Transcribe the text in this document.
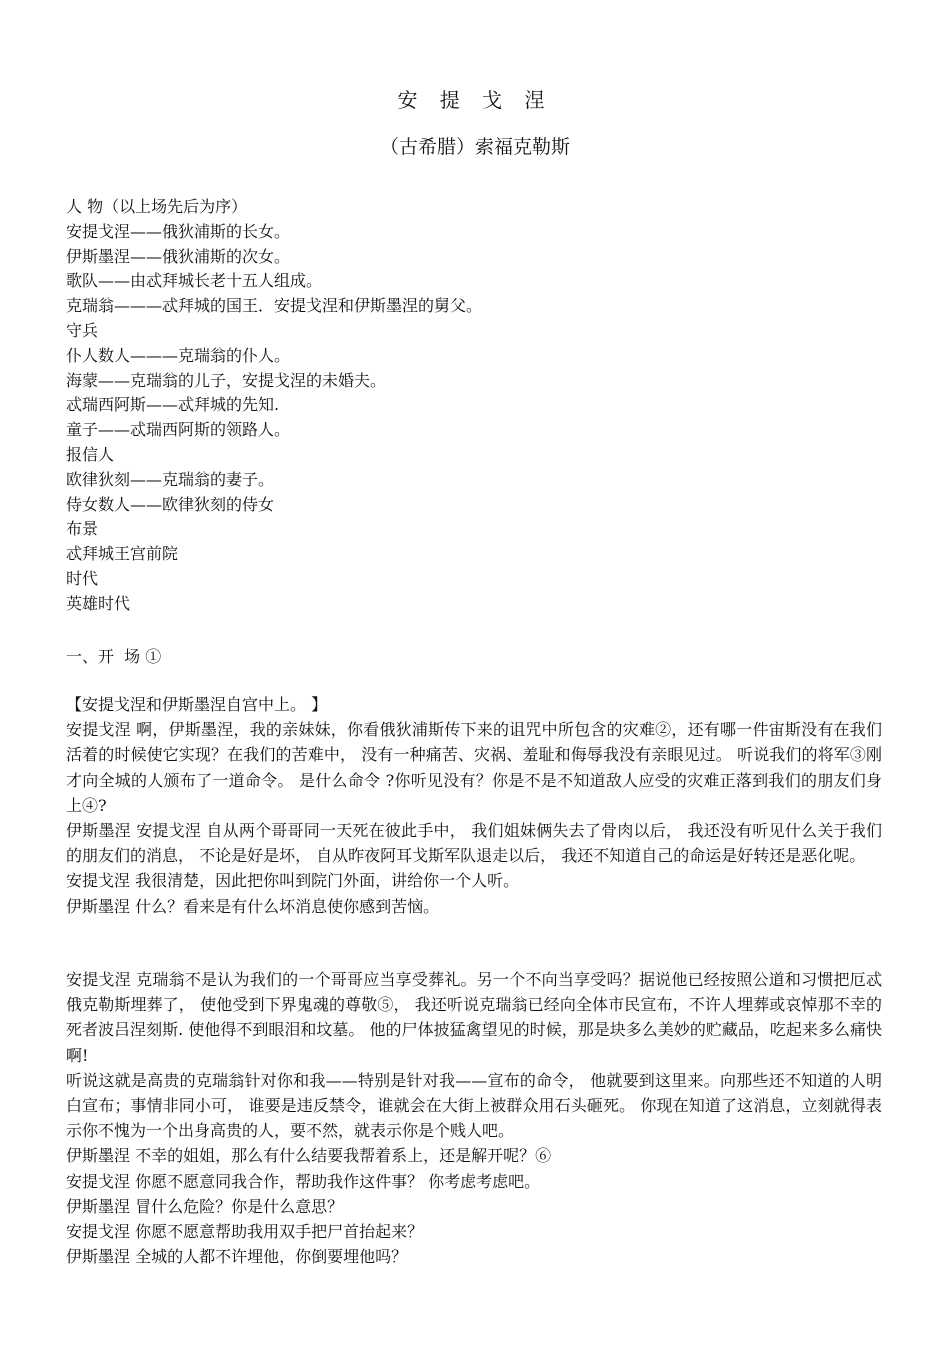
安 提 戈 涅
（古希腊）索福克勒斯
人 物（以上场先后为序）
安提戈涅——俄狄浦斯的长女。
伊斯墨涅——俄狄浦斯的次女。
歌队——由忒拜城长老十五人组成。
克瑞翁———忒拜城的国王．安提戈涅和伊斯墨涅的舅父。
守兵
仆人数人———克瑞翁的仆人。
海蒙——克瑞翁的儿子，安提戈涅的未婚夫。
忒瑞西阿斯——忒拜城的先知.
童子——忒瑞西阿斯的领路人。
报信人
欧律狄刻——克瑞翁的妻子。
侍女数人——欧律狄刻的侍女
布景
忒拜城王宫前院
时代
英雄时代
一、开  场 ①

【安提戈涅和伊斯墨涅自宫中上。 】

安提戈涅 啊，伊斯墨涅，我的亲妹妹，你看俄狄浦斯传下来的诅咒中所包含的灾难②，还有哪一件宙斯没有在我们活着的时候使它实现？在我们的苦难中， 没有一种痛苦、灾祸、羞耻和侮辱我没有亲眼见过。 听说我们的将军③刚才向全城的人颁布了一道命令。 是什么命令 ?你听见没有？你是不是不知道敌人应受的灾难正落到我们的朋友们身上④?

伊斯墨涅 安提戈涅 自从两个哥哥同一天死在彼此手中， 我们姐妹俩失去了骨肉以后， 我还没有听见什么关于我们的朋友们的消息， 不论是好是坏， 自从昨夜阿耳戈斯军队退走以后， 我还不知道自己的命运是好转还是恶化呢。

安提戈涅 我很清楚，因此把你叫到院门外面，讲给你一个人听。

伊斯墨涅 什么？看来是有什么坏消息使你感到苦恼。

安提戈涅 克瑞翁不是认为我们的一个哥哥应当享受葬礼。另一个不向当享受吗？据说他已经按照公道和习惯把厄忒俄克勒斯埋葬了， 使他受到下界鬼魂的尊敬⑤， 我还听说克瑞翁已经向全体市民宣布，不许人埋葬或哀悼那不幸的死者波吕涅刻斯. 使他得不到眼泪和坟墓。 他的尸体披猛禽望见的时候，那是块多么美妙的贮藏品，吃起来多么痛快啊!

听说这就是高贵的克瑞翁针对你和我——特别是针对我——宣布的命令， 他就要到这里来。向那些还不知道的人明白宣布；事情非同小可， 谁要是违反禁令，谁就会在大街上被群众用石头砸死。 你现在知道了这消息，立刻就得表示你不愧为一个出身高贵的人，要不然，就表示你是个贱人吧。

伊斯墨涅 不幸的姐姐，那么有什么结要我帮着系上，还是解开呢？⑥

安提戈涅 你愿不愿意同我合作，帮助我作这件事？ 你考虑考虑吧。

伊斯墨涅 冒什么危险？你是什么意思？

安提戈涅 你愿不愿意帮助我用双手把尸首抬起来？

伊斯墨涅 全城的人都不许埋他，你倒要埋他吗？
